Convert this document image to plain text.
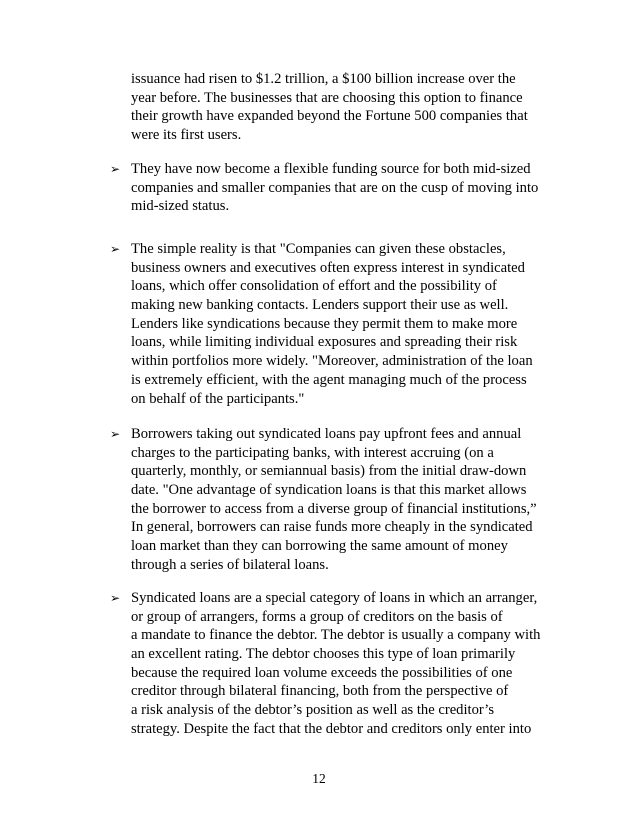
issuance had risen to $1.2 trillion, a $100 billion increase over the
year before. The businesses that are choosing this option to finance
their growth have expanded beyond the Fortune 500 companies that
were its first users.
➢ They have now become a flexible funding source for both mid-sized
companies and smaller companies that are on the cusp of moving into
mid-sized status.
➢ The simple reality is that "Companies can given these obstacles,
business owners and executives often express interest in syndicated
loans, which offer consolidation of effort and the possibility of
making new banking contacts. Lenders support their use as well.
Lenders like syndications because they permit them to make more
loans, while limiting individual exposures and spreading their risk
within portfolios more widely. "Moreover, administration of the loan
is extremely efficient, with the agent managing much of the process
on behalf of the participants."
➢ Borrowers taking out syndicated loans pay upfront fees and annual
charges to the participating banks, with interest accruing (on a
quarterly, monthly, or semiannual basis) from the initial draw-down
date. "One advantage of syndication loans is that this market allows
the borrower to access from a diverse group of financial institutions,”
In general, borrowers can raise funds more cheaply in the syndicated
loan market than they can borrowing the same amount of money
through a series of bilateral loans.
➢ Syndicated loans are a special category of loans in which an arranger,
or group of arrangers, forms a group of creditors on the basis of
a mandate to finance the debtor. The debtor is usually a company with
an excellent rating. The debtor chooses this type of loan primarily
because the required loan volume exceeds the possibilities of one
creditor through bilateral financing, both from the perspective of
a risk analysis of the debtor’s position as well as the creditor’s
strategy. Despite the fact that the debtor and creditors only enter into
12
